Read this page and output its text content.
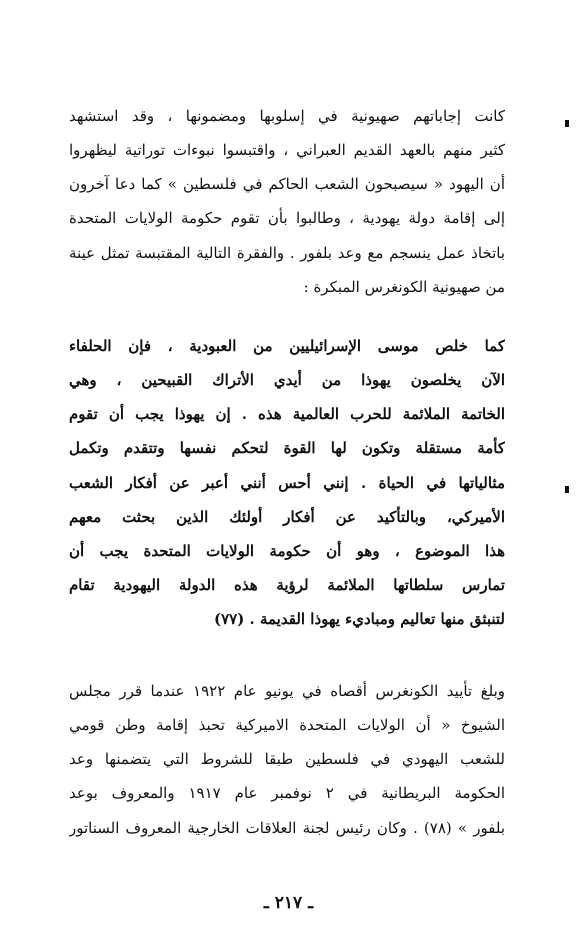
كانت إجاباتهم صهيونية في إسلوبها ومضمونها ، وقد استشهد
كثير منهم بالعهد القديم العبراني ، واقتبسوا نبوءات توراتية ليظهروا
أن اليهود « سيصبحون الشعب الحاكم في فلسطين » كما دعا آخرون
إلى إقامة دولة يهودية ، وطالبوا بأن تقوم حكومة الولايات المتحدة
باتخاذ عمل ينسجم مع وعد بلفور . والفقرة التالية المقتبسة تمثل عينة
من صهيونية الكونغرس المبكرة :
كما خلص موسى الإسرائيليين من العبودية ، فإن الحلفاء
الآن يخلصون يهوذا من أيدي الأتراك القبيحين ، وهي
الخاتمة الملائمة للحرب العالمية هذه . إن يهوذا يجب أن تقوم
كأمة مستقلة وتكون لها القوة لتحكم نفسها وتتقدم وتكمل
مثالياتها في الحياة . إنني أحس أنني أعبر عن أفكار الشعب
الأميركي، وبالتأكيد عن أفكار أولئك الذين بحثت معهم
هذا الموضوع ، وهو أن حكومة الولايات المتحدة يجب أن
تمارس سلطاتها الملائمة لرؤية هذه الدولة اليهودية تقام
لتنبثق منها تعاليم ومباديء يهوذا القديمة . (٧٧)
وبلغ تأييد الكونغرس أقصاه في يونيو عام ١٩٢٢ عندما قرر مجلس
الشيوخ « أن الولايات المتحدة الاميركية تحبذ إقامة وطن قومي
للشعب اليهودي في فلسطين طبقا للشروط التي يتضمنها وعد
الحكومة البريطانية في ٢ نوفمبر عام ١٩١٧ والمعروف بوعد
بلفور » (٧٨) . وكان رئيس لجنة العلاقات الخارجية المعروف السناتور
ـ ٢١٧ ـ
